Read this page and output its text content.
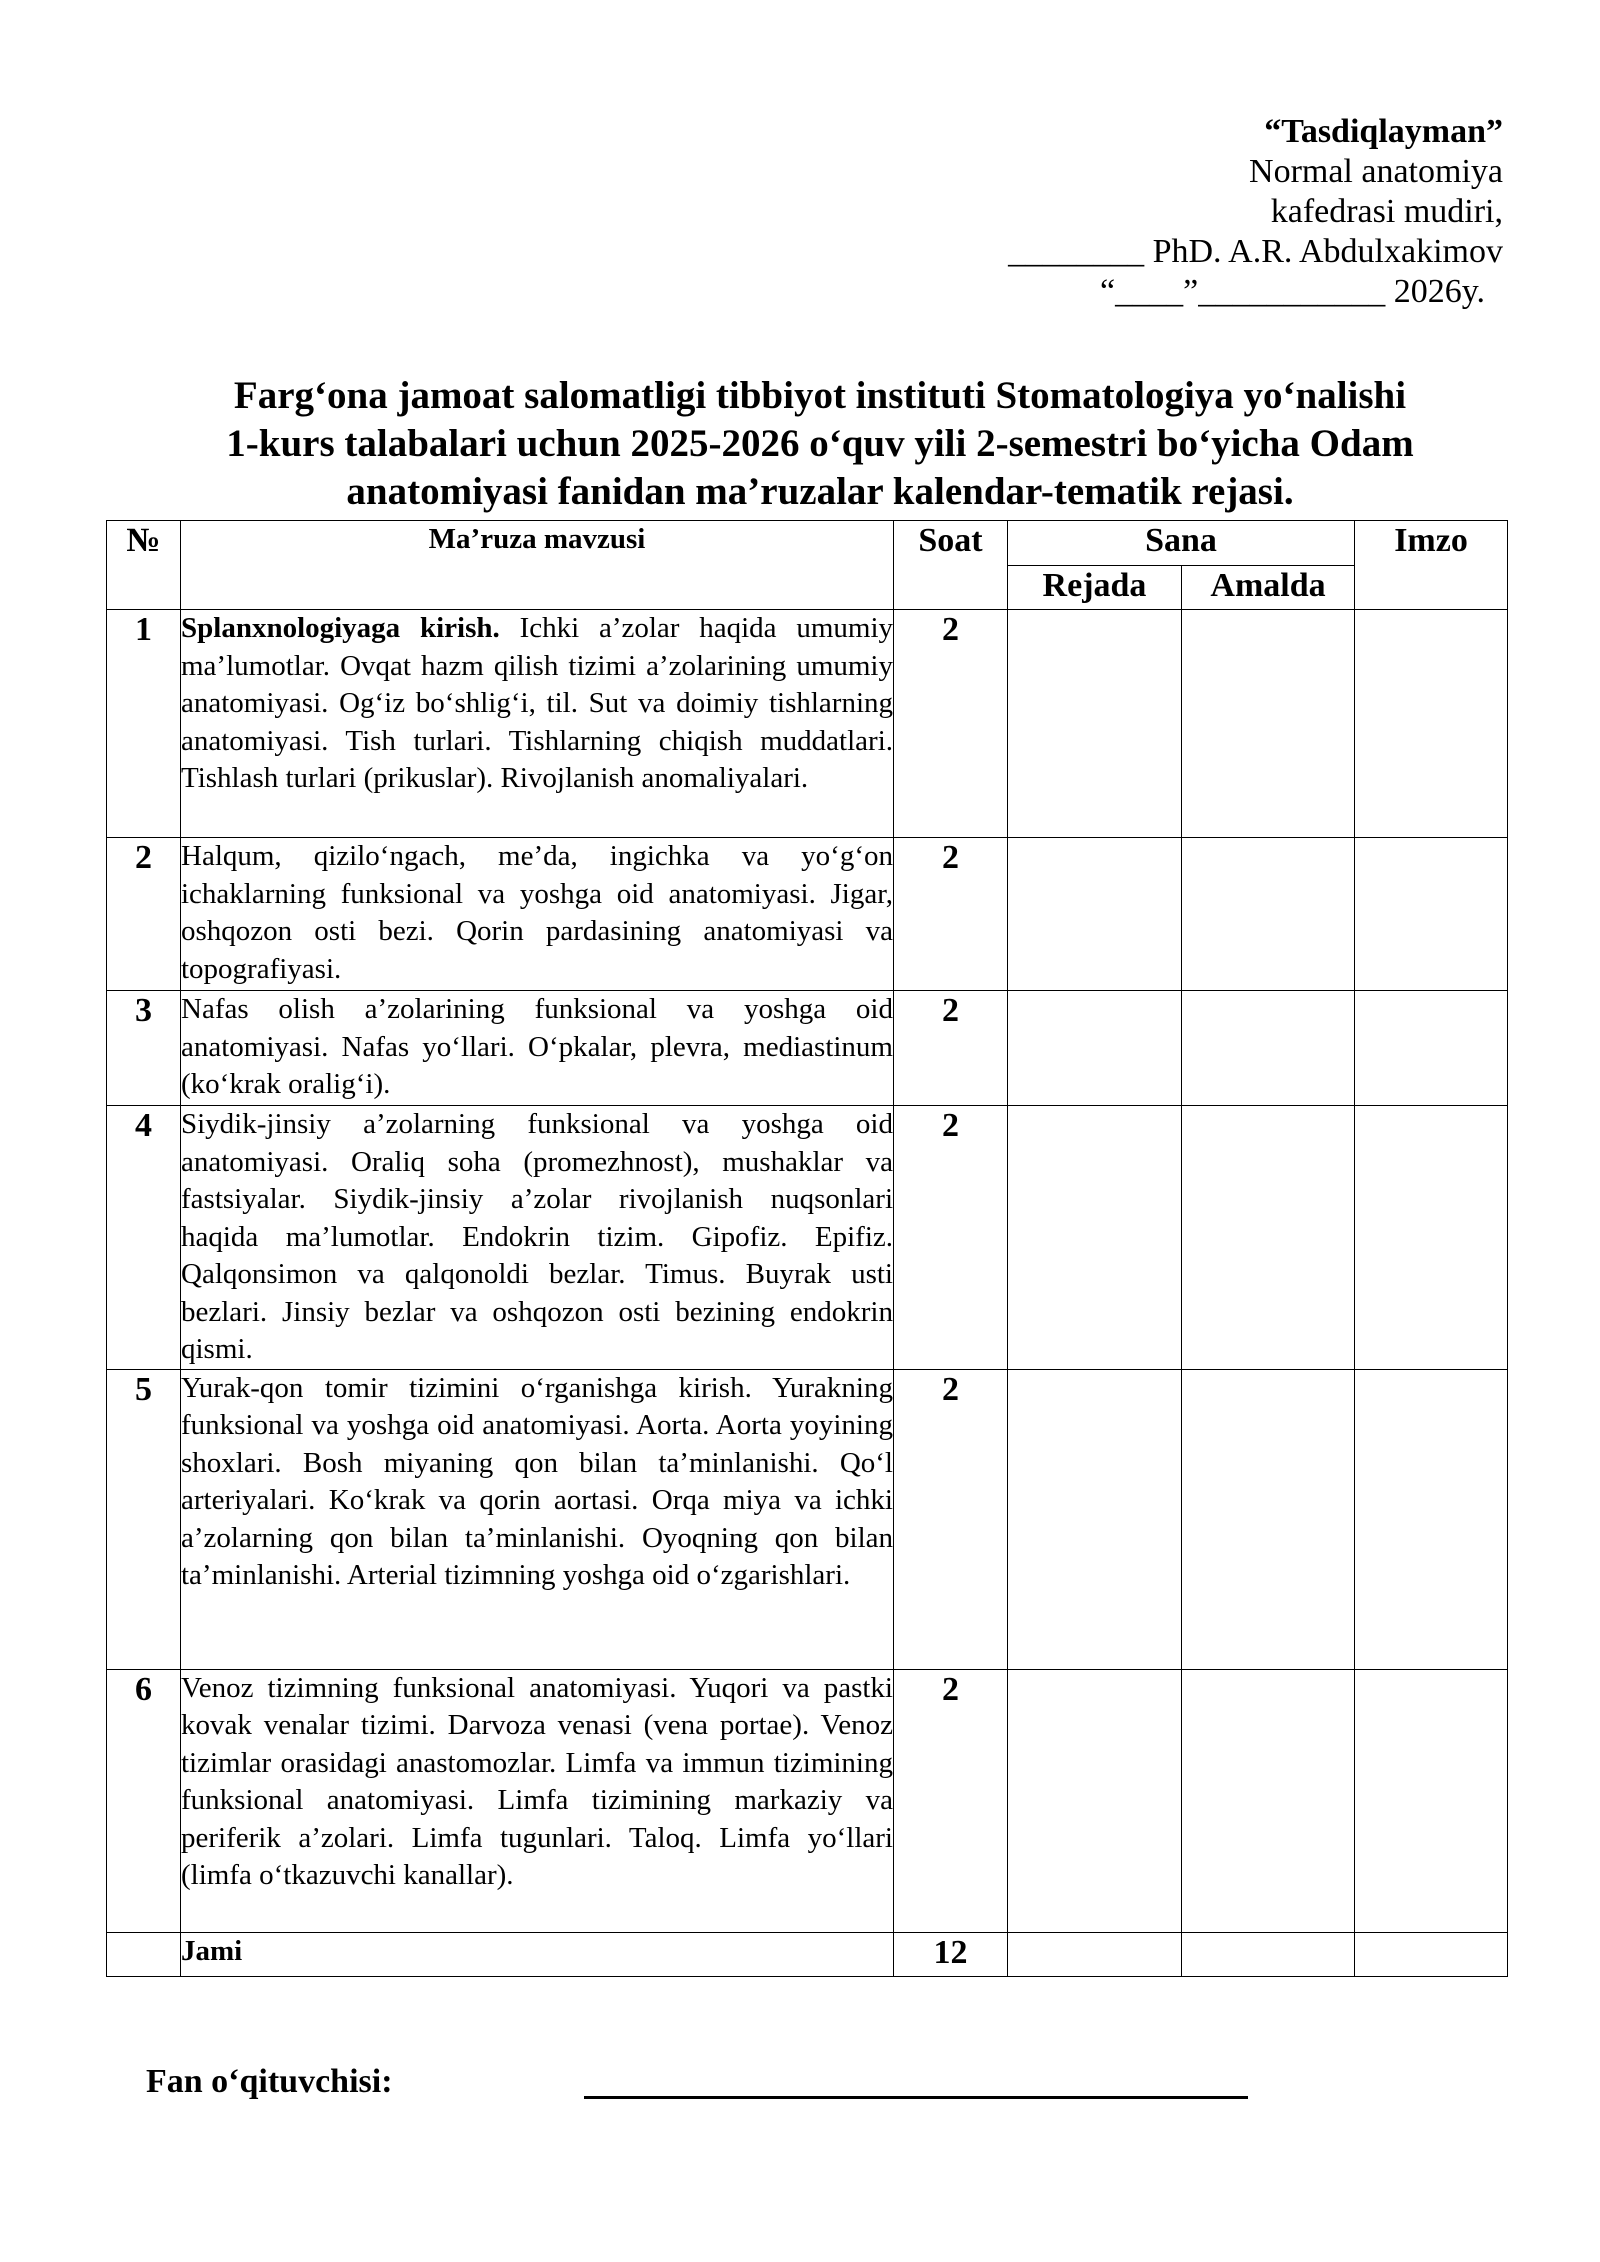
“Tasdiqlayman”
Normal anatomiya
kafedrasi mudiri,
________ PhD. A.R. Abdulxakimov
“____”___________ 2026y.
Farg‘ona jamoat salomatligi tibbiyot instituti Stomatologiya yo‘nalishi
1-kurs talabalari uchun 2025-2026 o‘quv yili 2-semestri bo‘yicha Odam
anatomiyasi fanidan ma’ruzalar kalendar-tematik rejasi.
№	Ma’ruza mavzusi	Soat	Sana		Imzo
			Rejada	Amalda	
1	Splanxnologiyaga kirish. Ichki a’zolar haqida umumiy ma’lumotlar. Ovqat hazm qilish tizimi a’zolarining umumiy anatomiyasi. Og‘iz bo‘shlig‘i, til. Sut va doimiy tishlarning anatomiyasi. Tish turlari. Tishlarning chiqish muddatlari. Tishlash turlari (prikuslar). Rivojlanish anomaliyalari.	2			
2	Halqum, qizilo‘ngach, me’da, ingichka va yo‘g‘on ichaklarning funksional va yoshga oid anatomiyasi. Jigar, oshqozon osti bezi. Qorin pardasining anatomiyasi va topografiyasi.	2			
3	Nafas olish a’zolarining funksional va yoshga oid anatomiyasi. Nafas yo‘llari. O‘pkalar, plevra, mediastinum (ko‘krak oralig‘i).	2			
4	Siydik-jinsiy a’zolarning funksional va yoshga oid anatomiyasi. Oraliq soha (promezhnost), mushaklar va fastsiyalar. Siydik-jinsiy a’zolar rivojlanish nuqsonlari haqida ma’lumotlar. Endokrin tizim. Gipofiz. Epifiz. Qalqonsimon va qalqonoldi bezlar. Timus. Buyrak usti bezlari. Jinsiy bezlar va oshqozon osti bezining endokrin qismi.	2			
5	Yurak-qon tomir tizimini o‘rganishga kirish. Yurakning funksional va yoshga oid anatomiyasi. Aorta. Aorta yoyining shoxlari. Bosh miyaning qon bilan ta’minlanishi. Qo‘l arteriyalari. Ko‘krak va qorin aortasi. Orqa miya va ichki a’zolarning qon bilan ta’minlanishi. Oyoqning qon bilan ta’minlanishi. Arterial tizimning yoshga oid o‘zgarishlari.	2			
6	Venoz tizimning funksional anatomiyasi. Yuqori va pastki kovak venalar tizimi. Darvoza venasi (vena portae). Venoz tizimlar orasidagi anastomozlar. Limfa va immun tizimining funksional anatomiyasi. Limfa tizimining markaziy va periferik a’zolari. Limfa tugunlari. Taloq. Limfa yo‘llari (limfa o‘tkazuvchi kanallar).	2			
	Jami	12			
Fan o‘qituvchisi:
